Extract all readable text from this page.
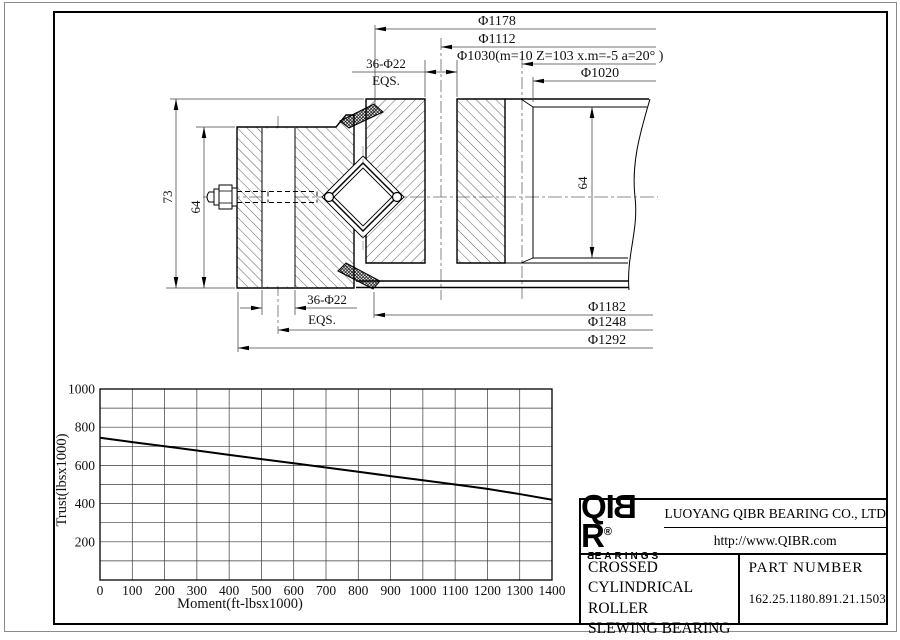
Φ1178
Φ1112
Φ1030(m=10 Z=103 x.m=-5 a=20° )
Φ1020
36-Φ22
EQS.
36-Φ22
EQS.
Φ1182
Φ1248
Φ1292
73
64
64
0 100 200 300 400 500 600 700 800 900 1000 1100 1200 1300 1400
200
400
600
800
1000
Trust(lbsx1000)
Moment(ft-lbsx1000)
QIBR®
BEARINGS
LUOYANG QIBR BEARING CO., LTD
http://www.QIBR.com
CROSSED CYLINDRICAL
ROLLER
SLEWING BEARING
PART NUMBER
162.25.1180.891.21.1503
